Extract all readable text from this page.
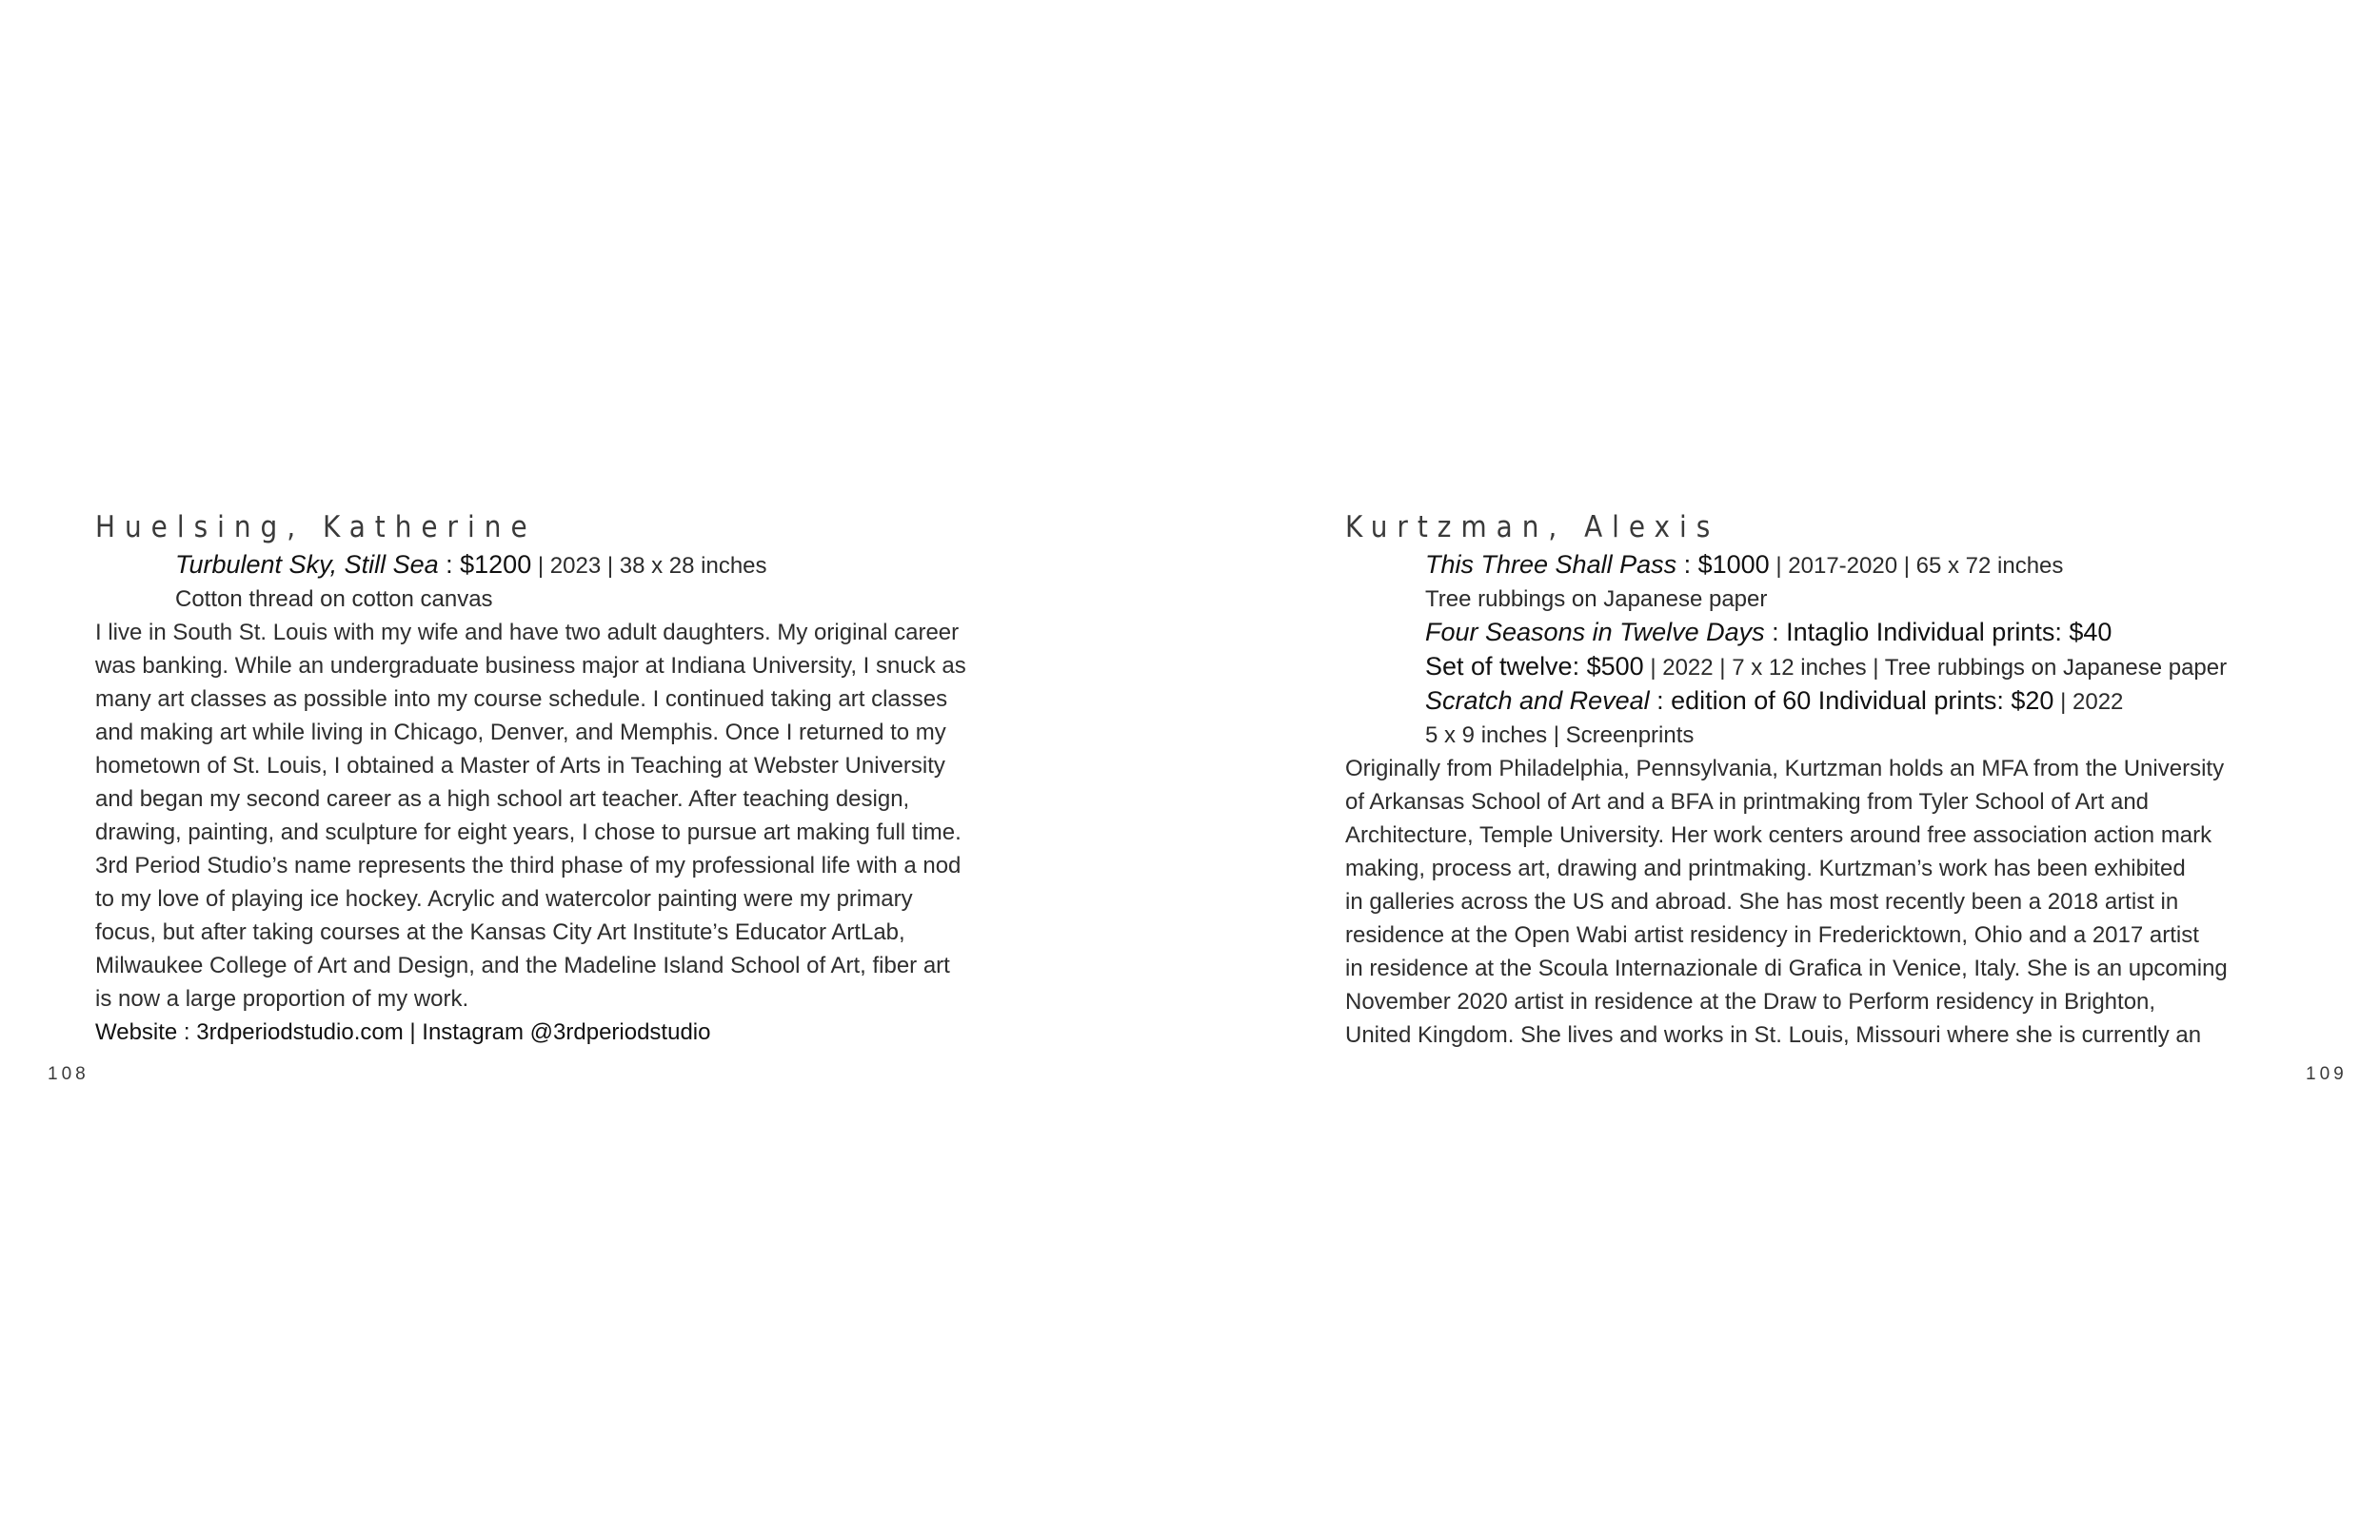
Huelsing, Katherine
Turbulent Sky, Still Sea : $1200 | 2023 | 38 x 28 inches
Cotton thread on cotton canvas
I live in South St. Louis with my wife and have two adult daughters. My original career
was banking. While an undergraduate business major at Indiana University, I snuck as
many art classes as possible into my course schedule. I continued taking art classes
and making art while living in Chicago, Denver, and Memphis. Once I returned to my
hometown of St. Louis, I obtained a Master of Arts in Teaching at Webster University
and began my second career as a high school art teacher. After teaching design,
drawing, painting, and sculpture for eight years, I chose to pursue art making full time.
3rd Period Studio’s name represents the third phase of my professional life with a nod
to my love of playing ice hockey. Acrylic and watercolor painting were my primary
focus, but after taking courses at the Kansas City Art Institute’s Educator ArtLab,
Milwaukee College of Art and Design, and the Madeline Island School of Art, fiber art
is now a large proportion of my work.
Website : 3rdperiodstudio.com | Instagram @3rdperiodstudio
108
Kurtzman, Alexis
This Three Shall Pass : $1000 | 2017-2020 | 65 x 72 inches
Tree rubbings on Japanese paper
Four Seasons in Twelve Days : Intaglio Individual prints: $40
Set of twelve: $500 | 2022 | 7 x 12 inches | Tree rubbings on Japanese paper
Scratch and Reveal : edition of 60 Individual prints: $20 | 2022
5 x 9 inches | Screenprints
Originally from Philadelphia, Pennsylvania, Kurtzman holds an MFA from the University
of Arkansas School of Art and a BFA in printmaking from Tyler School of Art and
Architecture, Temple University. Her work centers around free association action mark
making, process art, drawing and printmaking. Kurtzman’s work has been exhibited
in galleries across the US and abroad. She has most recently been a 2018 artist in
residence at the Open Wabi artist residency in Fredericktown, Ohio and a 2017 artist
in residence at the Scoula Internazionale di Grafica in Venice, Italy. She is an upcoming
November 2020 artist in residence at the Draw to Perform residency in Brighton,
United Kingdom. She lives and works in St. Louis, Missouri where she is currently an
109
